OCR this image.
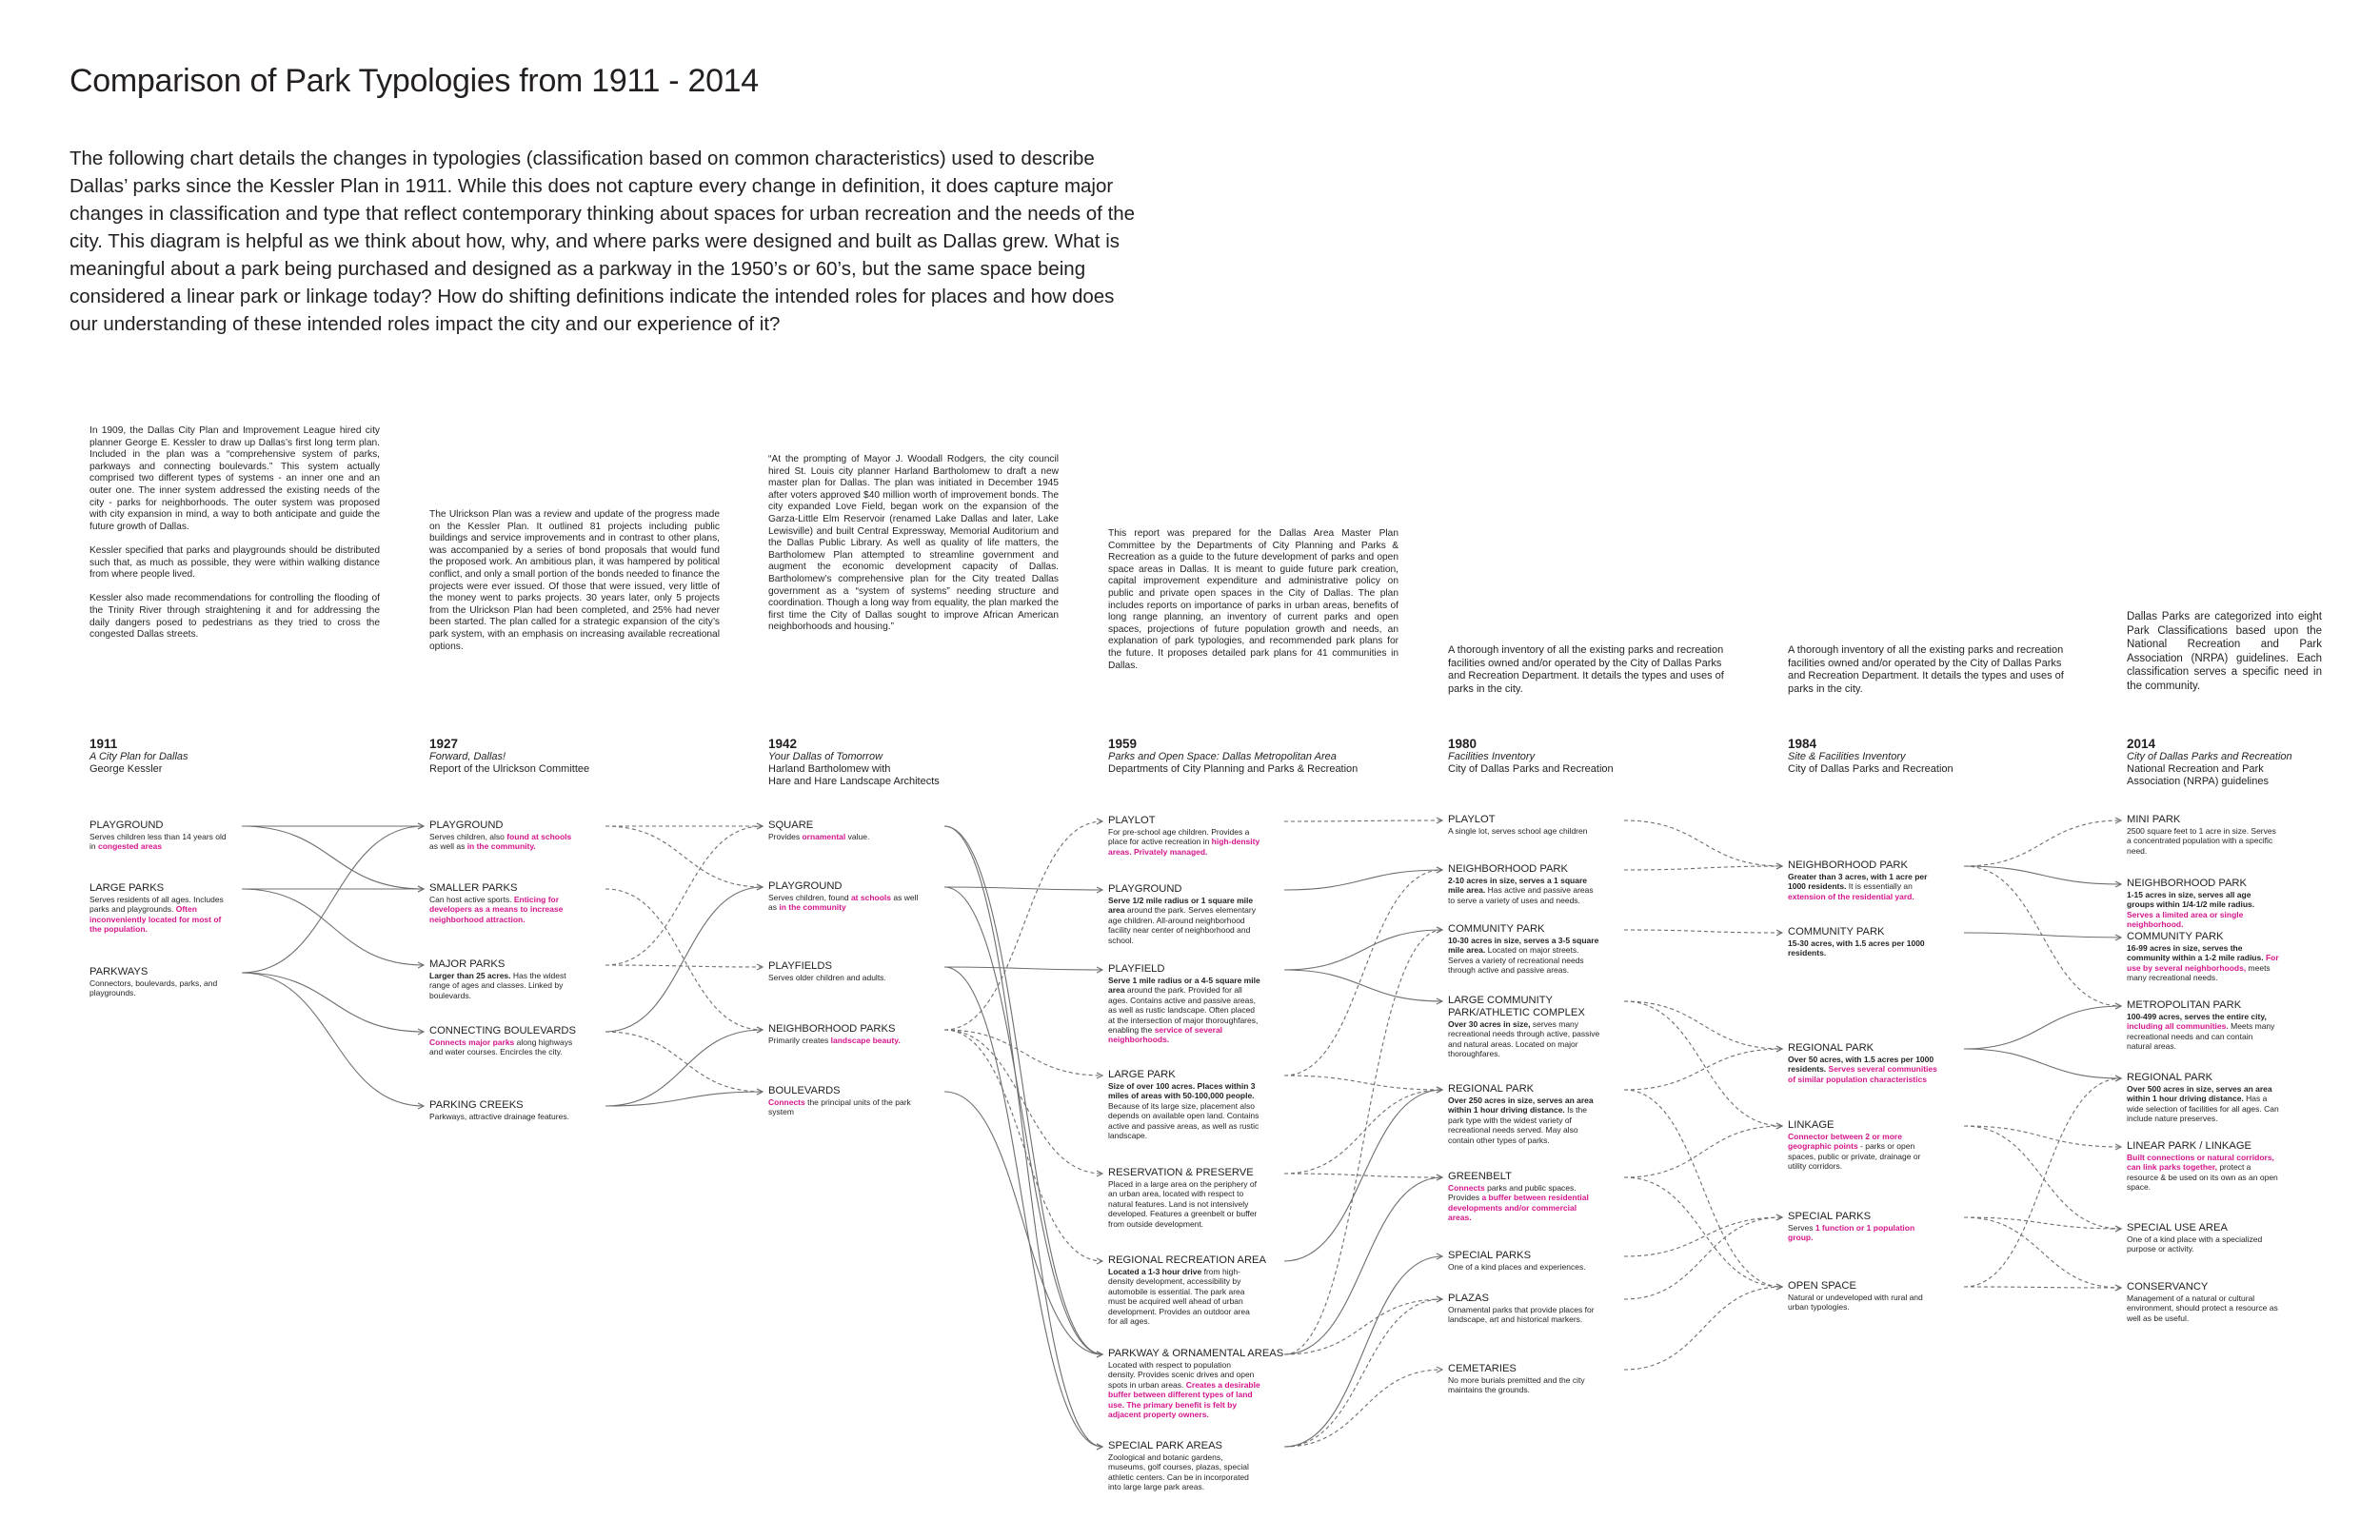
Comparison of Park Typologies from 1911 - 2014
The following chart details the changes in typologies (classification based on common characteristics) used to describe Dallas’ parks since the Kessler Plan in 1911. While this does not capture every change in definition, it does capture major changes in classification and type that reflect contemporary thinking about spaces for urban recreation and the needs of the city. This diagram is helpful as we think about how, why, and where parks were designed and built as Dallas grew. What is meaningful about a park being purchased and designed as a parkway in the 1950’s or 60’s, but the same space being considered a linear park or linkage today? How do shifting definitions indicate the intended roles for places and how does our understanding of these intended roles impact the city and our experience of it?
In 1909, the Dallas City Plan and Improvement League hired city planner George E. Kessler to draw up Dallas’s first long term plan. Included in the plan was a “comprehensive system of parks, parkways and connecting boulevards.” This system actually comprised two different types of systems - an inner one and an outer one. The inner system addressed the existing needs of the city - parks for neighborhoods. The outer system was proposed with city expansion in mind, a way to both anticipate and guide the future growth of Dallas.

Kessler specified that parks and playgrounds should be distributed such that, as much as possible, they were within walking distance from where people lived.

Kessler also made recommendations for controlling the flooding of the Trinity River through straightening it and for addressing the daily dangers posed to pedestrians as they tried to cross the congested Dallas streets.
1911
A City Plan for Dallas
George Kessler
PLAYGROUND
Serves children less than 14 years old in congested areas
LARGE PARKS
Serves residents of all ages. Includes parks and playgrounds. Often inconveniently located for most of the population.
PARKWAYS
Connectors, boulevards, parks, and playgrounds.
The Ulrickson Plan was a review and update of the progress made on the Kessler Plan. It outlined 81 projects including public buildings and service improvements and in contrast to other plans, was accompanied by a series of bond proposals that would fund the proposed work. An ambitious plan, it was hampered by political conflict, and only a small portion of the bonds needed to finance the projects were ever issued. Of those that were issued, very little of the money went to parks projects. 30 years later, only 5 projects from the Ulrickson Plan had been completed, and 25% had never been started. The plan called for a strategic expansion of the city’s park system, with an emphasis on increasing available recreational options.
1927
Forward, Dallas!
Report of the Ulrickson Committee
PLAYGROUND
Serves children, also found at schools as well as in the community.
SMALLER PARKS
Can host active sports. Enticing for developers as a means to increase neighborhood attraction.
MAJOR PARKS
Larger than 25 acres. Has the widest range of ages and classes. Linked by boulevards.
CONNECTING BOULEVARDS
Connects major parks along highways and water courses. Encircles the city.
PARKING CREEKS
Parkways, attractive drainage features.
“At the prompting of Mayor J. Woodall Rodgers, the city council hired St. Louis city planner Harland Bartholomew to draft a new master plan for Dallas. The plan was initiated in December 1945 after voters approved $40 million worth of improvement bonds. The city expanded Love Field, began work on the expansion of the Garza-Little Elm Reservoir (renamed Lake Dallas and later, Lake Lewisville) and built Central Expressway, Memorial Auditorium and the Dallas Public Library. As well as quality of life matters, the Bartholomew Plan attempted to streamline government and augment the economic development capacity of Dallas. Bartholomew’s comprehensive plan for the City treated Dallas government as a “system of systems” needing structure and coordination. Though a long way from equality, the plan marked the first time the City of Dallas sought to improve African American neighborhoods and housing.”
1942
Your Dallas of Tomorrow
Harland Bartholomew with
Hare and Hare Landscape Architects
SQUARE
Provides ornamental value.
PLAYGROUND
Serves children, found at schools as well as in the community
PLAYFIELDS
Serves older children and adults.
NEIGHBORHOOD PARKS
Primarily creates landscape beauty.
BOULEVARDS
Connects the principal units of the park system
This report was prepared for the Dallas Area Master Plan Committee by the Departments of City Planning and Parks & Recreation as a guide to the future development of parks and open space areas in Dallas. It is meant to guide future park creation, capital improvement expenditure and administrative policy on public and private open spaces in the City of Dallas. The plan includes reports on importance of parks in urban areas, benefits of long range planning, an inventory of current parks and open spaces, projections of future population growth and needs, an explanation of park typologies, and recommended park plans for the future. It proposes detailed park plans for 41 communities in Dallas.
1959
Parks and Open Space: Dallas Metropolitan Area
Departments of City Planning and Parks & Recreation
PLAYLOT
For pre-school age children. Provides a place for active recreation in high-density areas. Privately managed.
PLAYGROUND
Serve 1/2 mile radius or 1 square mile area around the park. Serves elementary age children. All-around neighborhood facility near center of neighborhood and school.
PLAYFIELD
Serve 1 mile radius or a 4-5 square mile area around the park. Provided for all ages. Contains active and passive areas, as well as rustic landscape. Often placed at the intersection of major thoroughfares, enabling the service of several neighborhoods.
LARGE PARK
Size of over 100 acres. Places within 3 miles of areas with 50-100,000 people. Because of its large size, placement also depends on available open land. Contains active and passive areas, as well as rustic landscape.
RESERVATION & PRESERVE
Placed in a large area on the periphery of an urban area, located with respect to natural features. Land is not intensively developed. Features a greenbelt or buffer from outside development.
REGIONAL RECREATION AREA
Located a 1-3 hour drive from high-density development, accessibility by automobile is essential. The park area must be acquired well ahead of urban development. Provides an outdoor area for all ages.
PARKWAY & ORNAMENTAL AREAS
Located with respect to population density. Provides scenic drives and open spots in urban areas. Creates a desirable buffer between different types of land use. The primary benefit is felt by adjacent property owners.
SPECIAL PARK AREAS
Zoological and botanic gardens, museums, golf courses, plazas, special athletic centers. Can be in incorporated into large large park areas.
A thorough inventory of all the existing parks and recreation facilities owned and/or operated by the City of Dallas Parks and Recreation Department. It details the types and uses of parks in the city.
1980
Facilities Inventory
City of Dallas Parks and Recreation
PLAYLOT
A single lot, serves school age children
NEIGHBORHOOD PARK
2-10 acres in size, serves a 1 square mile area. Has active and passive areas to serve a variety of uses and needs.
COMMUNITY PARK
10-30 acres in size, serves a 3-5 square mile area. Located on major streets. Serves a variety of recreational needs through active and passive areas.
LARGE COMMUNITY PARK/ATHLETIC COMPLEX
Over 30 acres in size, serves many recreational needs through active, passive and natural areas. Located on major thoroughfares.
REGIONAL PARK
Over 250 acres in size, serves an area within 1 hour driving distance. Is the park type with the widest variety of recreational needs served. May also contain other types of parks.
GREENBELT
Connects parks and public spaces. Provides a buffer between residential developments and/or commercial areas.
SPECIAL PARKS
One of a kind places and experiences.
PLAZAS
Ornamental parks that provide places for landscape, art and historical markers.
CEMETARIES
No more burials premitted and the city maintains the grounds.
A thorough inventory of all the existing parks and recreation facilities owned and/or operated by the City of Dallas Parks and Recreation Department. It details the types and uses of parks in the city.
1984
Site & Facilities Inventory
City of Dallas Parks and Recreation
NEIGHBORHOOD PARK
Greater than 3 acres, with 1 acre per 1000 residents. It is essentially an extension of the residential yard.
COMMUNITY PARK
15-30 acres, with 1.5 acres per 1000 residents.
REGIONAL PARK
Over 50 acres, with 1.5 acres per 1000 residents. Serves several communities of similar population characteristics
LINKAGE
Connector between 2 or more geographic points - parks or open spaces, public or private, drainage or utility corridors.
SPECIAL PARKS
Serves 1 function or 1 population group.
OPEN SPACE
Natural or undeveloped with rural and urban typologies.
Dallas Parks are categorized into eight Park Classifications based upon the National Recreation and Park Association (NRPA) guidelines. Each classification serves a specific need in the community.
2014
City of Dallas Parks and Recreation
National Recreation and Park Association (NRPA) guidelines
MINI PARK
2500 square feet to 1 acre in size. Serves a concentrated population with a specific need.
NEIGHBORHOOD PARK
1-15 acres in size, serves all age groups within 1/4-1/2 mile radius. Serves a limited area or single neighborhood.
COMMUNITY PARK
16-99 acres in size, serves the community within a 1-2 mile radius. For use by several neighborhoods, meets many recreational needs.
METROPOLITAN PARK
100-499 acres, serves the entire city, including all communities. Meets many recreational needs and can contain natural areas.
REGIONAL PARK
Over 500 acres in size, serves an area within 1 hour driving distance. Has a wide selection of facilities for all ages. Can include nature preserves.
LINEAR PARK / LINKAGE
Built connections or natural corridors, can link parks together, protect a resource & be used on its own as an open space.
SPECIAL USE AREA
One of a kind place with a specialized purpose or activity.
CONSERVANCY
Management of a natural or cultural environment, should protect a resource as well as be useful.
